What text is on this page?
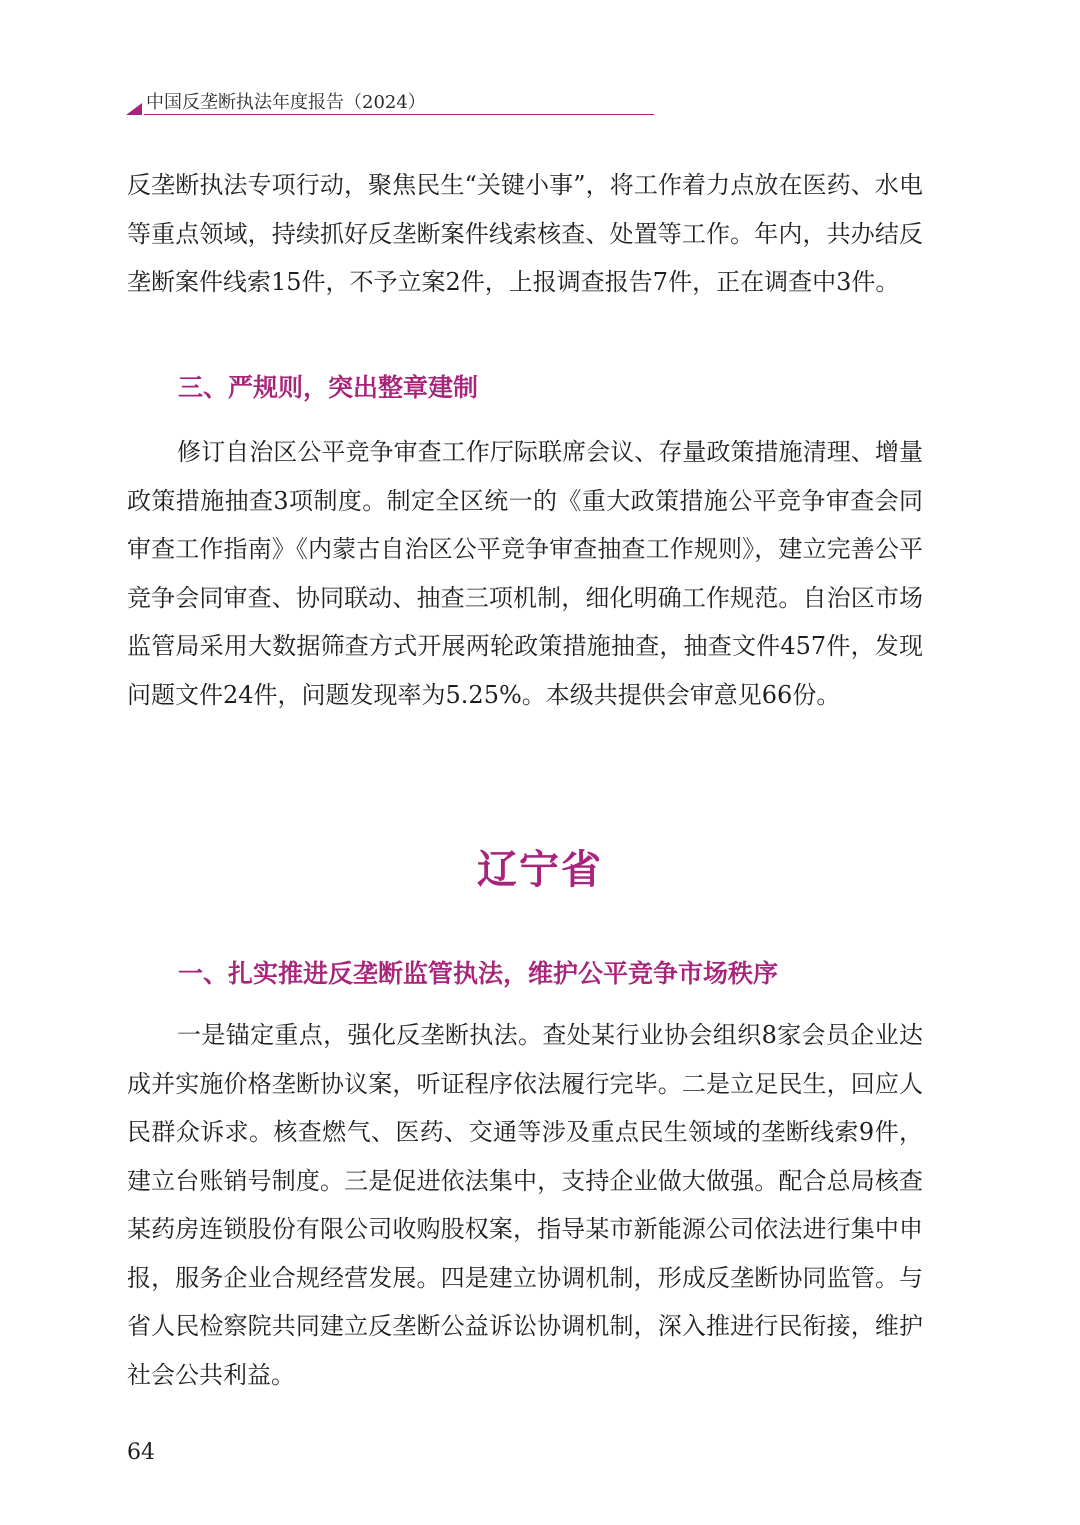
中国反垄断执法年度报告（2024）

反垄断执法专项行动，聚焦民生“关键小事”，将工作着力点放在医药、水电等重点领域，持续抓好反垄断案件线索核查、处置等工作。年内，共办结反垄断案件线索15件，不予立案2件，上报调查报告7件，正在调查中3件。

三、严规则，突出整章建制

修订自治区公平竞争审查工作厅际联席会议、存量政策措施清理、增量政策措施抽查3项制度。制定全区统一的《重大政策措施公平竞争审查会同审查工作指南》《内蒙古自治区公平竞争审查抽查工作规则》，建立完善公平竞争会同审查、协同联动、抽查三项机制，细化明确工作规范。自治区市场监管局采用大数据筛查方式开展两轮政策措施抽查，抽查文件457件，发现问题文件24件，问题发现率为5.25%。本级共提供会审意见66份。

辽宁省
一、扎实推进反垄断监管执法，维护公平竞争市场秩序

一是锚定重点，强化反垄断执法。查处某行业协会组织8家会员企业达成并实施价格垄断协议案，听证程序依法履行完毕。二是立足民生，回应人民群众诉求。核查燃气、医药、交通等涉及重点民生领域的垄断线索9件，建立台账销号制度。三是促进依法集中，支持企业做大做强。配合总局核查某药房连锁股份有限公司收购股权案，指导某市新能源公司依法进行集中申报，服务企业合规经营发展。四是建立协调机制，形成反垄断协同监管。与省人民检察院共同建立反垄断公益诉讼协调机制，深入推进行民衔接，维护社会公共利益。

64
